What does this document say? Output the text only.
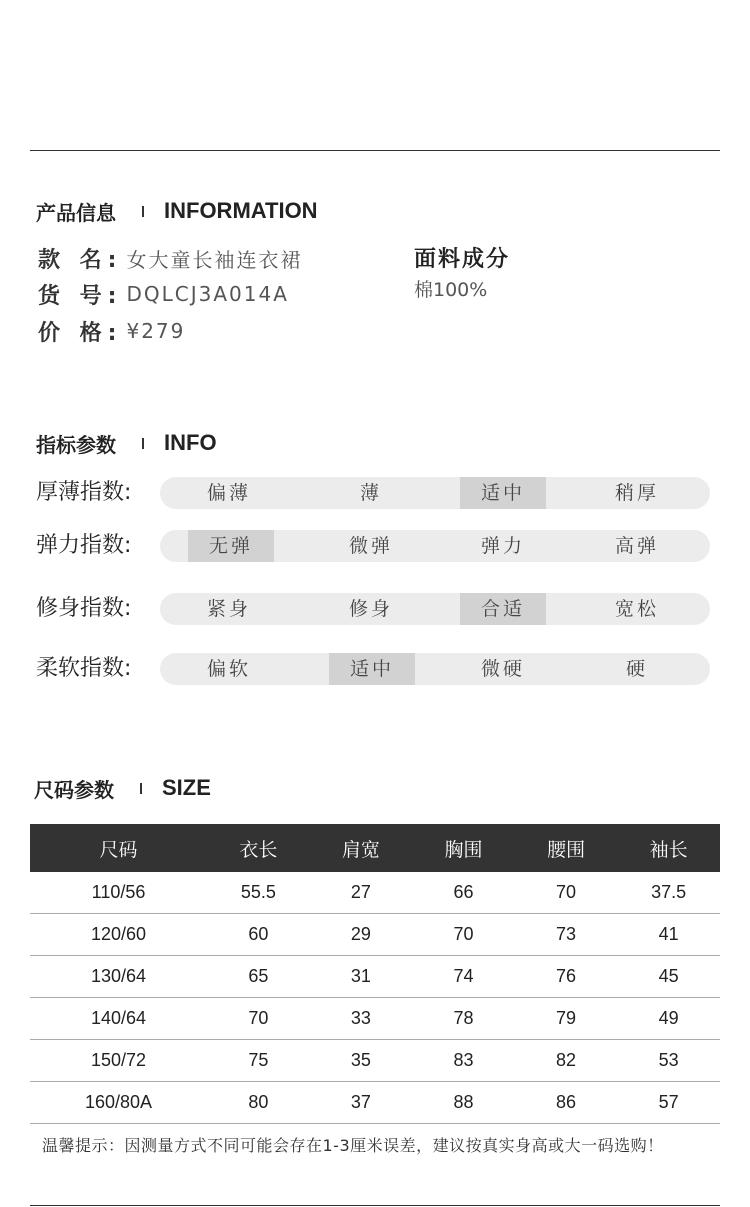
产品信息 INFORMATION
款 名: 女大童长袖连衣裙
货 号: DQLCJ3A014A
价 格: ¥279
面料成分
棉100%
指标参数 INFO
厚薄指数:	偏薄	薄	适中	稍厚
弹力指数:	无弹	微弹	弹力	高弹
修身指数:	紧身	修身	合适	宽松
柔软指数:	偏软	适中	微硬	硬
尺码参数 SIZE
尺码	衣长	肩宽	胸围	腰围	袖长
110/56	55.5	27	66	70	37.5
120/60	60	29	70	73	41
130/64	65	31	74	76	45
140/64	70	33	78	79	49
150/72	75	35	83	82	53
160/80A	80	37	88	86	57
温馨提示：因测量方式不同可能会存在1-3厘米误差，建议按真实身高或大一码选购！
